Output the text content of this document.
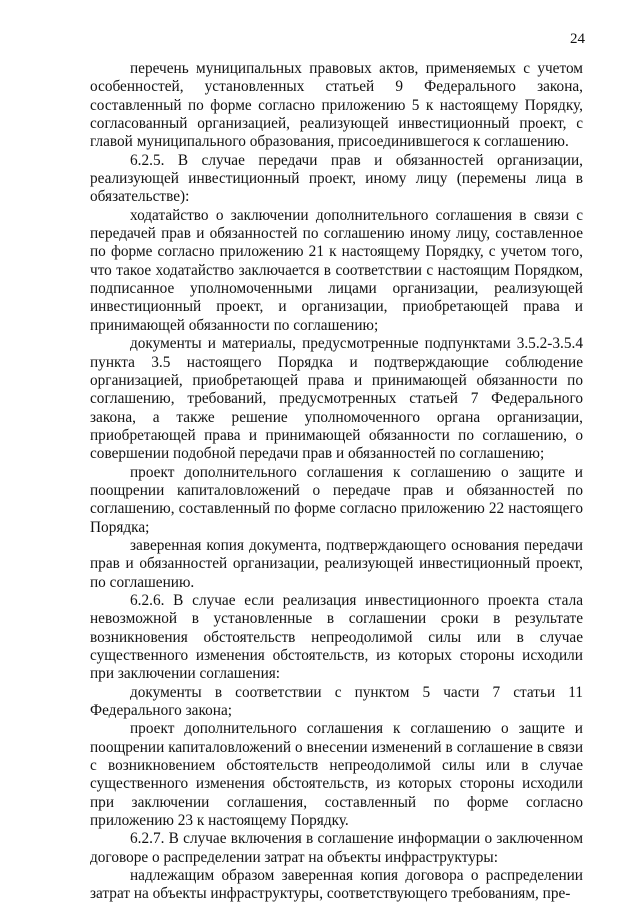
24

перечень муниципальных правовых актов, применяемых с учетом особенностей, установленных статьей 9 Федерального закона, составленный по форме согласно приложению 5 к настоящему Порядку, согласованный организацией, реализующей инвестиционный проект, с главой муниципального образования, присоединившегося к соглашению.

6.2.5. В случае передачи прав и обязанностей организации, реализующей инвестиционный проект, иному лицу (перемены лица в обязательстве):

ходатайство о заключении дополнительного соглашения в связи с передачей прав и обязанностей по соглашению иному лицу, составленное по форме согласно приложению 21 к настоящему Порядку, с учетом того, что такое ходатайство заключается в соответствии с настоящим Порядком, подписанное уполномоченными лицами организации, реализующей инвестиционный проект, и организации, приобретающей права и принимающей обязанности по соглашению;

документы и материалы, предусмотренные подпунктами 3.5.2-3.5.4 пункта 3.5 настоящего Порядка и подтверждающие соблюдение организацией, приобретающей права и принимающей обязанности по соглашению, требований, предусмотренных статьей 7 Федерального закона, а также решение уполномоченного органа организации, приобретающей права и принимающей обязанности по соглашению, о совершении подобной передачи прав и обязанностей по соглашению;

проект дополнительного соглашения к соглашению о защите и поощрении капиталовложений о передаче прав и обязанностей по соглашению, составленный по форме согласно приложению 22 настоящего Порядка;

заверенная копия документа, подтверждающего основания передачи прав и обязанностей организации, реализующей инвестиционный проект, по соглашению.

6.2.6. В случае если реализация инвестиционного проекта стала невозможной в установленные в соглашении сроки в результате возникновения обстоятельств непреодолимой силы или в случае существенного изменения обстоятельств, из которых стороны исходили при заключении соглашения:

документы в соответствии с пунктом 5 части 7 статьи 11 Федерального закона;

проект дополнительного соглашения к соглашению о защите и поощрении капиталовложений о внесении изменений в соглашение в связи с возникновением обстоятельств непреодолимой силы или в случае существенного изменения обстоятельств, из которых стороны исходили при заключении соглашения, составленный по форме согласно приложению 23 к настоящему Порядку.

6.2.7. В случае включения в соглашение информации о заключенном договоре о распределении затрат на объекты инфраструктуры:

надлежащим образом заверенная копия договора о распределении затрат на объекты инфраструктуры, соответствующего требованиям, пре-
